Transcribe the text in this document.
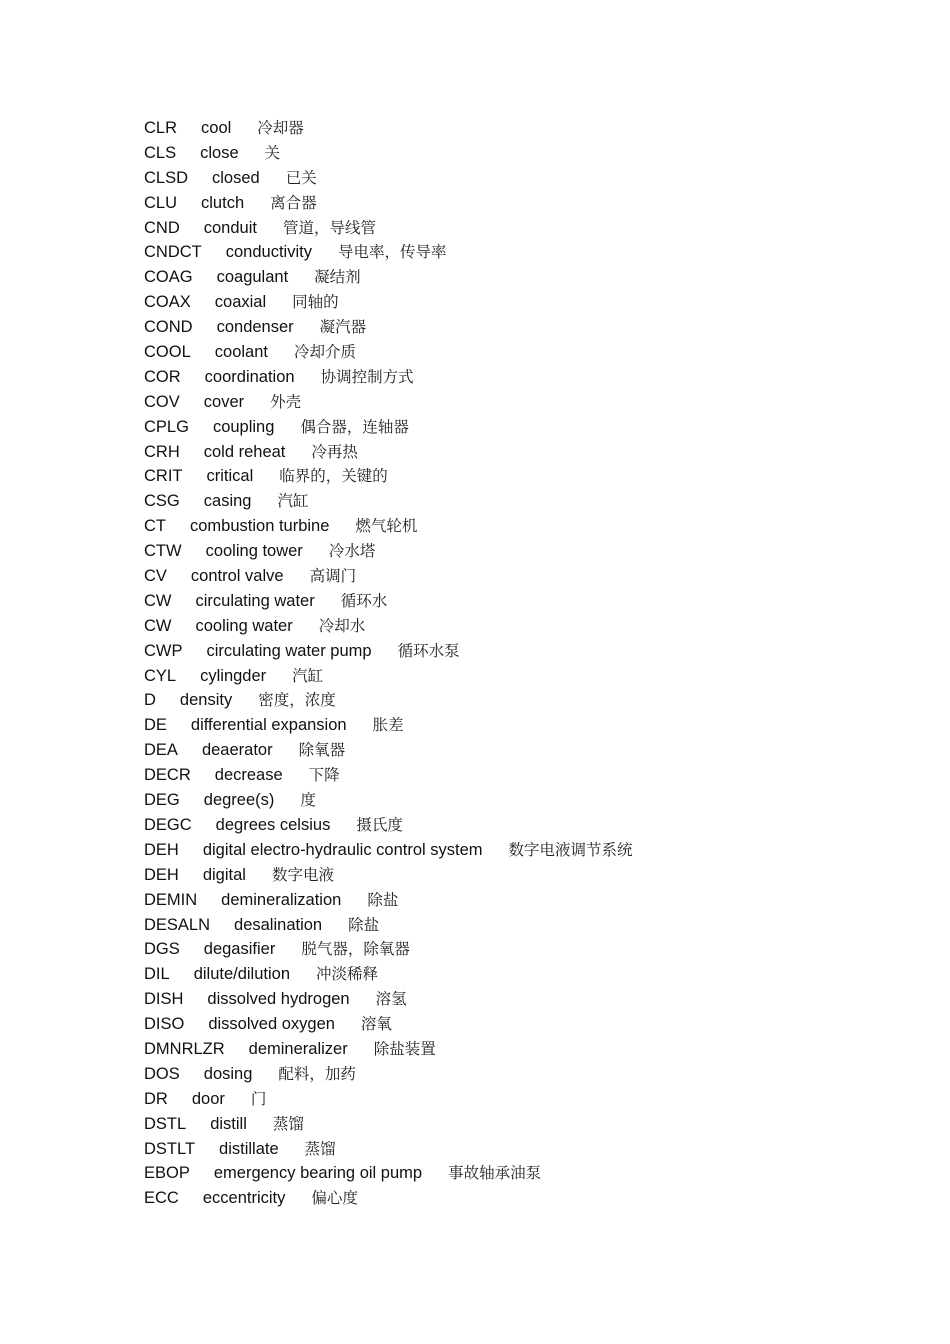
CLR cool 冷却器
CLS close 关
CLSD closed 已关
CLU clutch 离合器
CND conduit 管道，导线管
CNDCT conductivity 导电率，传导率
COAG coagulant 凝结剂
COAX coaxial 同轴的
COND condenser 凝汽器
COOL coolant 冷却介质
COR coordination 协调控制方式
COV cover 外壳
CPLG coupling 偶合器，连轴器
CRH cold reheat 冷再热
CRIT critical 临界的，关键的
CSG casing 汽缸
CT combustion turbine 燃气轮机
CTW cooling tower 冷水塔
CV control valve 高调门
CW circulating water 循环水
CW cooling water 冷却水
CWP circulating water pump 循环水泵
CYL cylingder 汽缸
D density 密度，浓度
DE differential expansion 胀差
DEA deaerator 除氧器
DECR decrease 下降
DEG degree(s) 度
DEGC degrees celsius 摄氏度
DEH digital electro-hydraulic control system 数字电液调节系统
DEH digital 数字电液
DEMIN demineralization 除盐
DESALN desalination 除盐
DGS degasifier 脱气器，除氧器
DIL dilute/dilution 冲淡稀释
DISH dissolved hydrogen 溶氢
DISO dissolved oxygen 溶氧
DMNRLZR demineralizer 除盐装置
DOS dosing 配料，加药
DR door 门
DSTL distill 蒸馏
DSTLT distillate 蒸馏
EBOP emergency bearing oil pump 事故轴承油泵
ECC eccentricity 偏心度
